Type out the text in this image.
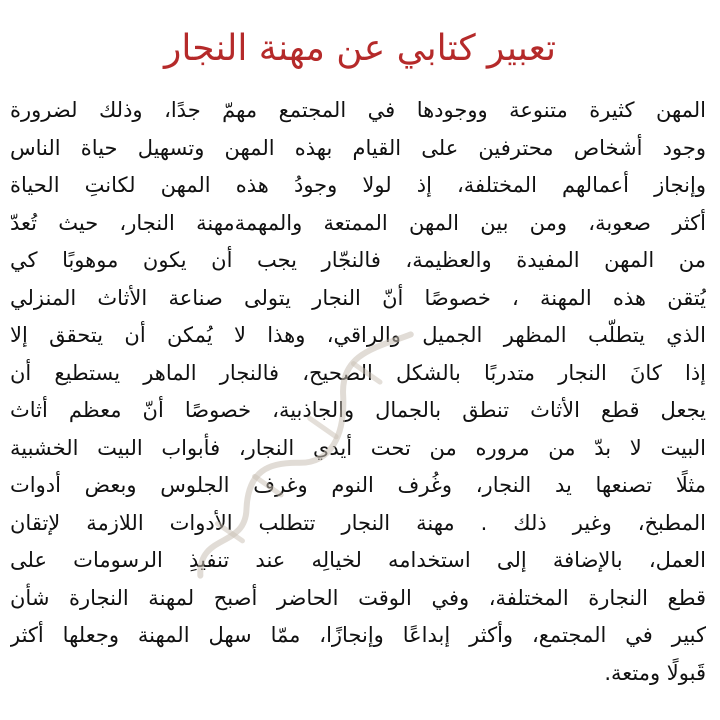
تعبير كتابي عن مهنة النجار
المهن كثيرة متنوعة ووجودها في المجتمع مهمّ جدًا، وذلك لضرورة
وجود أشخاص محترفين على القيام بهذه المهن وتسهيل حياة الناس
وإنجاز أعمالهم المختلفة، إذ لولا وجودُ هذه المهن لكانتِ الحياة
أكثر صعوبة، ومن بين المهن الممتعة والمهمةمهنة النجار، حيث تُعدّ
من المهن المفيدة والعظيمة، فالنجّار يجب أن يكون موهوبًا كي
يُتقن هذه المهنة ، خصوصًا أنّ النجار يتولى صناعة الأثاث المنزلي
الذي يتطلّب المظهر الجميل والراقي، وهذا لا يُمكن أن يتحقق إلا
إذا كانَ النجار متدربًا بالشكل الصحيح، فالنجار الماهر يستطيع أن
يجعل قطع الأثاث تنطق بالجمال والجاذبية، خصوصًا أنّ معظم أثاث
البيت لا بدّ من مروره من تحت أيدي النجار، فأبواب البيت الخشبية
مثلًا تصنعها يد النجار، وغُرف النوم وغرف الجلوس وبعض أدوات
المطبخ، وغير ذلك . مهنة النجار تتطلب الأدوات اللازمة لإتقان
العمل، بالإضافة إلى استخدامه لخيالِه عند تنفيذِ الرسومات على
قطع النجارة المختلفة، وفي الوقت الحاضر أصبح لمهنة النجارة شأن
كبير في المجتمع، وأكثر إبداعًا وإنجازًا، ممّا سهل المهنة وجعلها أكثر
قَبولًا ومتعة.
